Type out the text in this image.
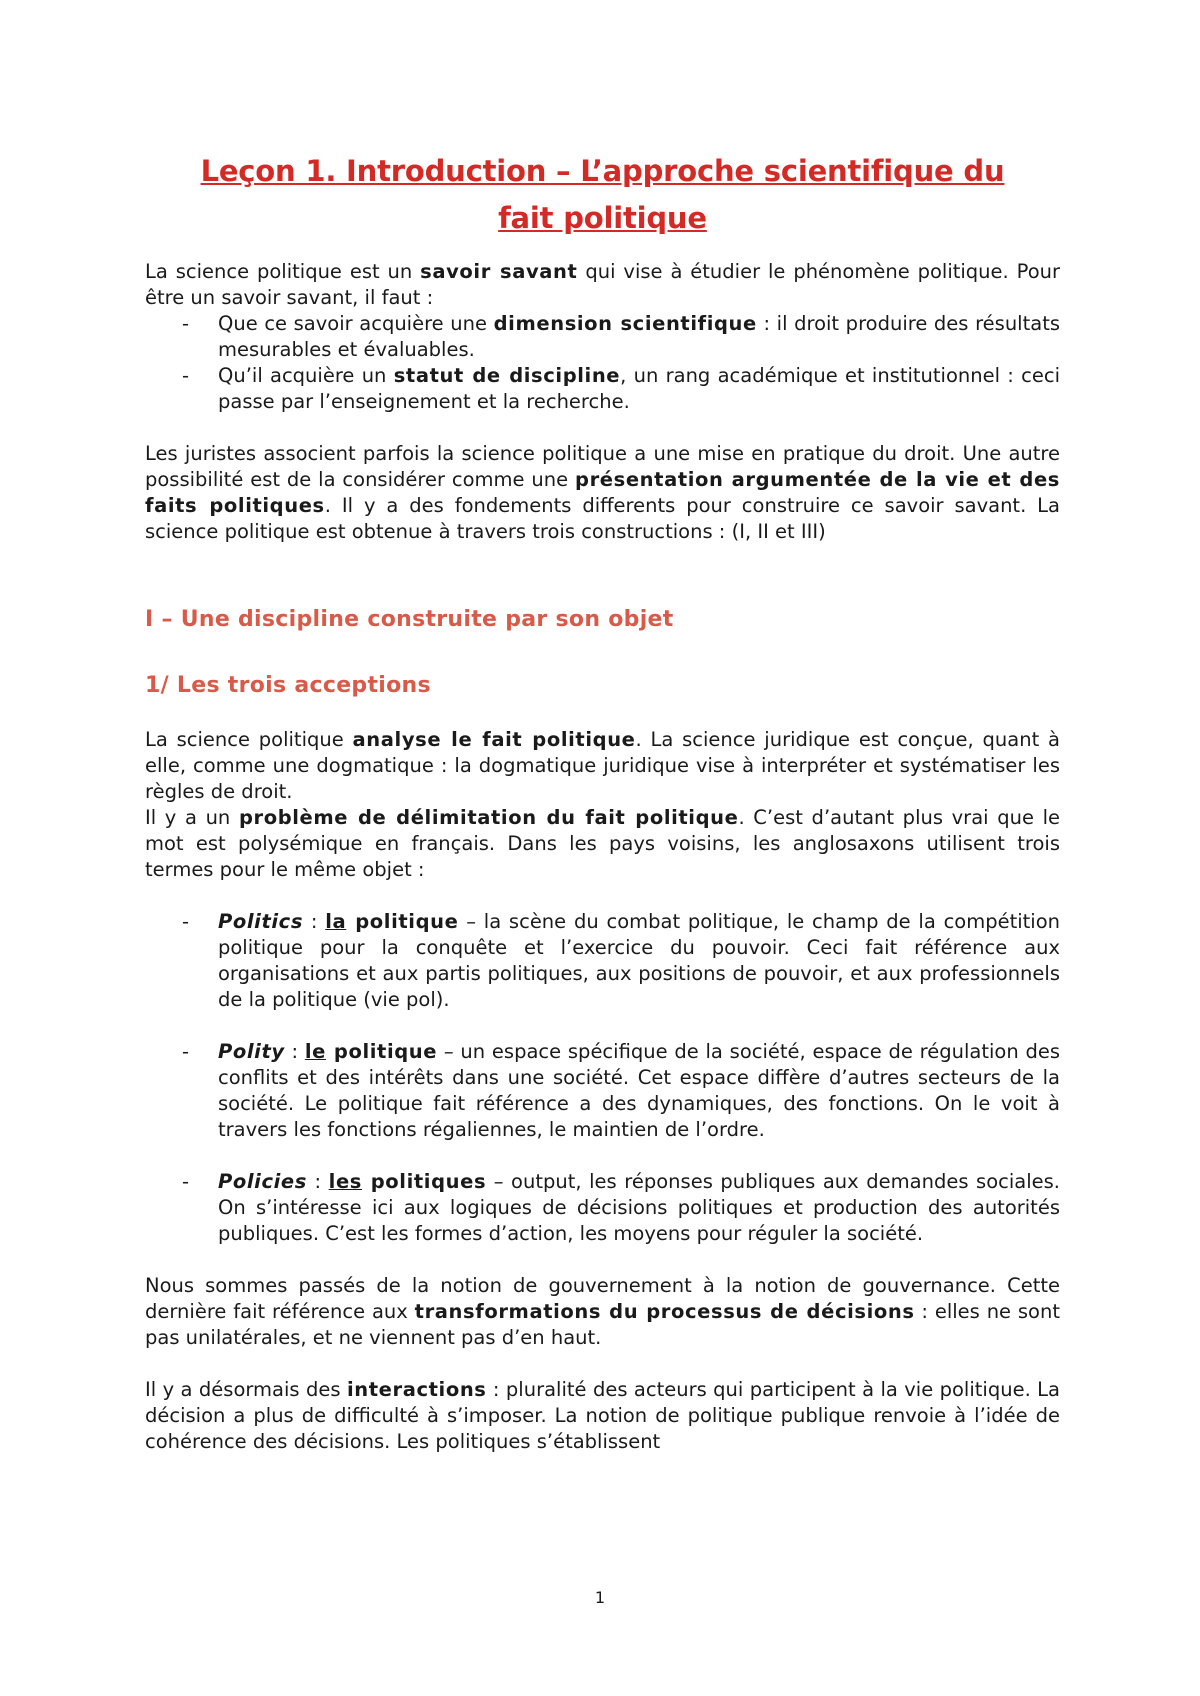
Leçon 1. Introduction – L’approche scientifique du
fait politique

La science politique est un savoir savant qui vise à étudier le phénomène politique. Pour être un savoir savant, il faut :

- Que ce savoir acquière une dimension scientifique : il droit produire des résultats mesurables et évaluables.
- Qu’il acquière un statut de discipline, un rang académique et institutionnel : ceci passe par l’enseignement et la recherche.

Les juristes associent parfois la science politique a une mise en pratique du droit. Une autre possibilité est de la considérer comme une présentation argumentée de la vie et des faits politiques. Il y a des fondements differents pour construire ce savoir savant. La science politique est obtenue à travers trois constructions : (I, II et III)

I – Une discipline construite par son objet
1/ Les trois acceptions

La science politique analyse le fait politique. La science juridique est conçue, quant à elle, comme une dogmatique : la dogmatique juridique vise à interpréter et systématiser les règles de droit.
Il y a un problème de délimitation du fait politique. C’est d’autant plus vrai que le mot est polysémique en français. Dans les pays voisins, les anglosaxons utilisent trois termes pour le même objet :

- Politics : la politique – la scène du combat politique, le champ de la compétition politique pour la conquête et l’exercice du pouvoir. Ceci fait référence aux organisations et aux partis politiques, aux positions de pouvoir, et aux professionnels de la politique (vie pol).
- Polity : le politique – un espace spécifique de la société, espace de régulation des conflits et des intérêts dans une société. Cet espace diffère d’autres secteurs de la société. Le politique fait référence a des dynamiques, des fonctions. On le voit à travers les fonctions régaliennes, le maintien de l’ordre.
- Policies : les politiques – output, les réponses publiques aux demandes sociales. On s’intéresse ici aux logiques de décisions politiques et production des autorités publiques. C’est les formes d’action, les moyens pour réguler la société.

Nous sommes passés de la notion de gouvernement à la notion de gouvernance. Cette dernière fait référence aux transformations du processus de décisions : elles ne sont pas unilatérales, et ne viennent pas d’en haut.

Il y a désormais des interactions : pluralité des acteurs qui participent à la vie politique. La décision a plus de difficulté à s’imposer. La notion de politique publique renvoie à l’idée de cohérence des décisions. Les politiques s’établissent

1
